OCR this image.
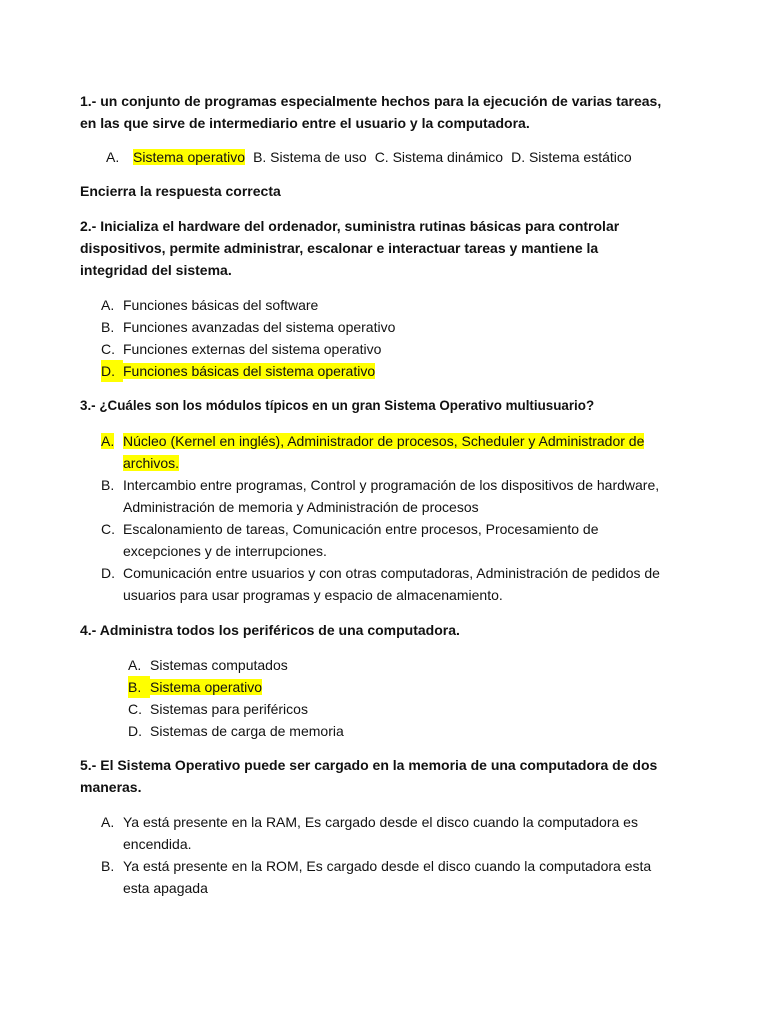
1.- un conjunto de programas especialmente hechos para la ejecución de varias tareas, en las que sirve de intermediario entre el usuario y la computadora.

A. Sistema operativo B. Sistema de uso C. Sistema dinámico D. Sistema estático

Encierra la respuesta correcta

2.- Inicializa el hardware del ordenador, suministra rutinas básicas para controlar dispositivos, permite administrar, escalonar e interactuar tareas y mantiene la integridad del sistema.

A. Funciones básicas del software
B. Funciones avanzadas del sistema operativo
C. Funciones externas del sistema operativo
D. Funciones básicas del sistema operativo

3.- ¿Cuáles son los módulos típicos en un gran Sistema Operativo multiusuario?

A. Núcleo (Kernel en inglés), Administrador de procesos, Scheduler y Administrador de archivos.
B. Intercambio entre programas, Control y programación de los dispositivos de hardware, Administración de memoria y Administración de procesos
C. Escalonamiento de tareas, Comunicación entre procesos, Procesamiento de excepciones y de interrupciones.
D. Comunicación entre usuarios y con otras computadoras, Administración de pedidos de usuarios para usar programas y espacio de almacenamiento.

4.- Administra todos los periféricos de una computadora.

A. Sistemas computados
B. Sistema operativo
C. Sistemas para periféricos
D. Sistemas de carga de memoria

5.- El Sistema Operativo puede ser cargado en la memoria de una computadora de dos maneras.

A. Ya está presente en la RAM, Es cargado desde el disco cuando la computadora es encendida.
B. Ya está presente en la ROM, Es cargado desde el disco cuando la computadora esta esta apagada
